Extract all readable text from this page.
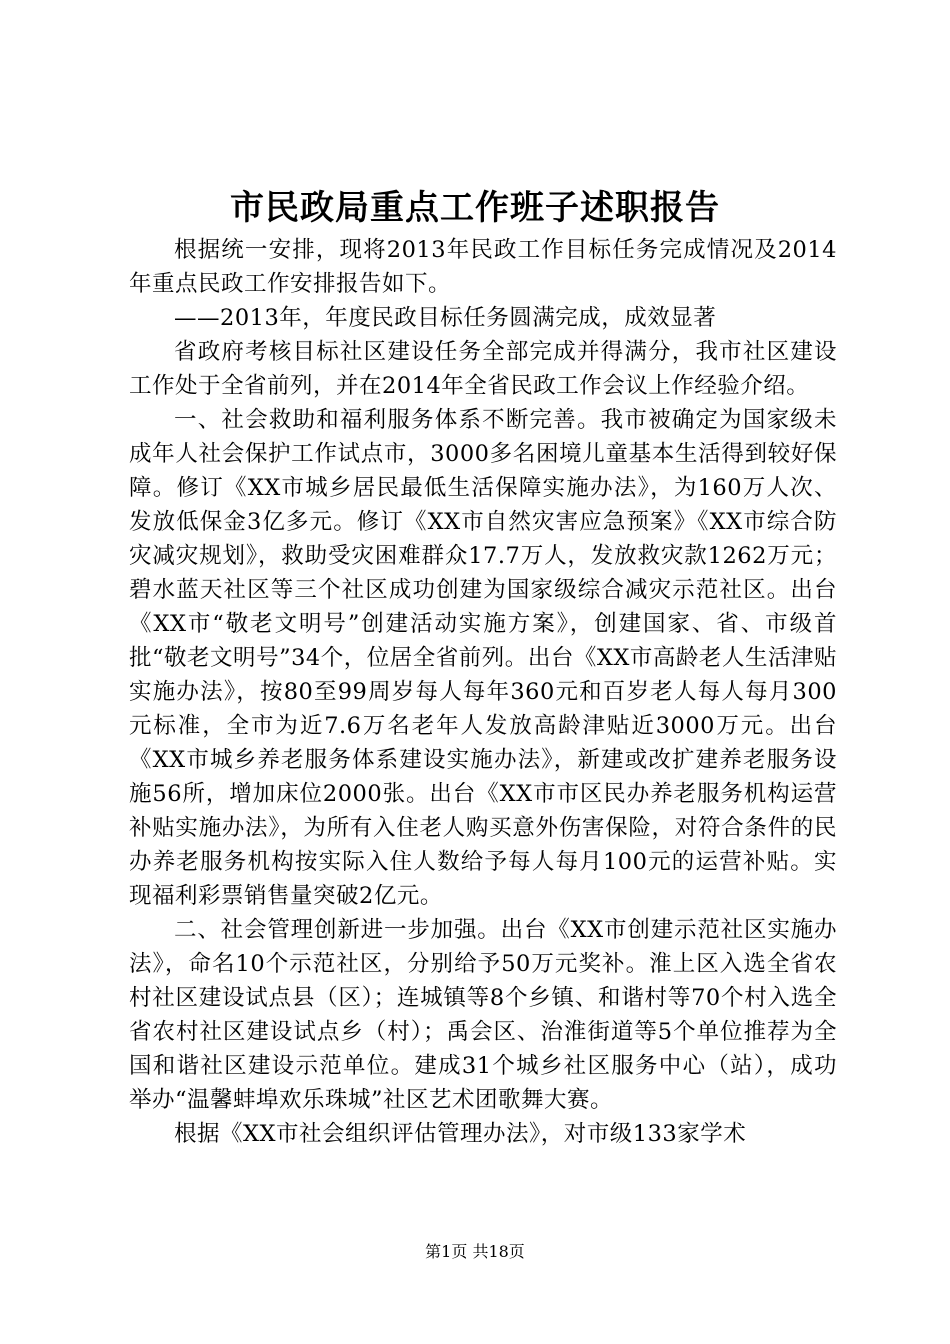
市民政局重点工作班子述职报告

根据统一安排，现将2013年民政工作目标任务完成情况及2014年重点民政工作安排报告如下。

——2013年，年度民政目标任务圆满完成，成效显著

省政府考核目标社区建设任务全部完成并得满分，我市社区建设工作处于全省前列，并在2014年全省民政工作会议上作经验介绍。

一、社会救助和福利服务体系不断完善。我市被确定为国家级未成年人社会保护工作试点市，3000多名困境儿童基本生活得到较好保障。修订《XX市城乡居民最低生活保障实施办法》，为160万人次、发放低保金3亿多元。修订《XX市自然灾害应急预案》《XX市综合防灾减灾规划》，救助受灾困难群众17.7万人，发放救灾款1262万元；碧水蓝天社区等三个社区成功创建为国家级综合减灾示范社区。出台《XX市“敬老文明号”创建活动实施方案》，创建国家、省、市级首批“敬老文明号”34个，位居全省前列。出台《XX市高龄老人生活津贴实施办法》，按80至99周岁每人每年360元和百岁老人每人每月300元标准，全市为近7.6万名老年人发放高龄津贴近3000万元。出台《XX市城乡养老服务体系建设实施办法》，新建或改扩建养老服务设施56所，增加床位2000张。出台《XX市市区民办养老服务机构运营补贴实施办法》，为所有入住老人购买意外伤害保险，对符合条件的民办养老服务机构按实际入住人数给予每人每月100元的运营补贴。实现福利彩票销售量突破2亿元。

二、社会管理创新进一步加强。出台《XX市创建示范社区实施办法》，命名10个示范社区，分别给予50万元奖补。淮上区入选全省农村社区建设试点县（区）；连城镇等8个乡镇、和谐村等70个村入选全省农村社区建设试点乡（村）；禹会区、治淮街道等5个单位推荐为全国和谐社区建设示范单位。建成31个城乡社区服务中心（站），成功举办“温馨蚌埠欢乐珠城”社区艺术团歌舞大赛。

根据《XX市社会组织评估管理办法》，对市级133家学术

第1页 共18页
